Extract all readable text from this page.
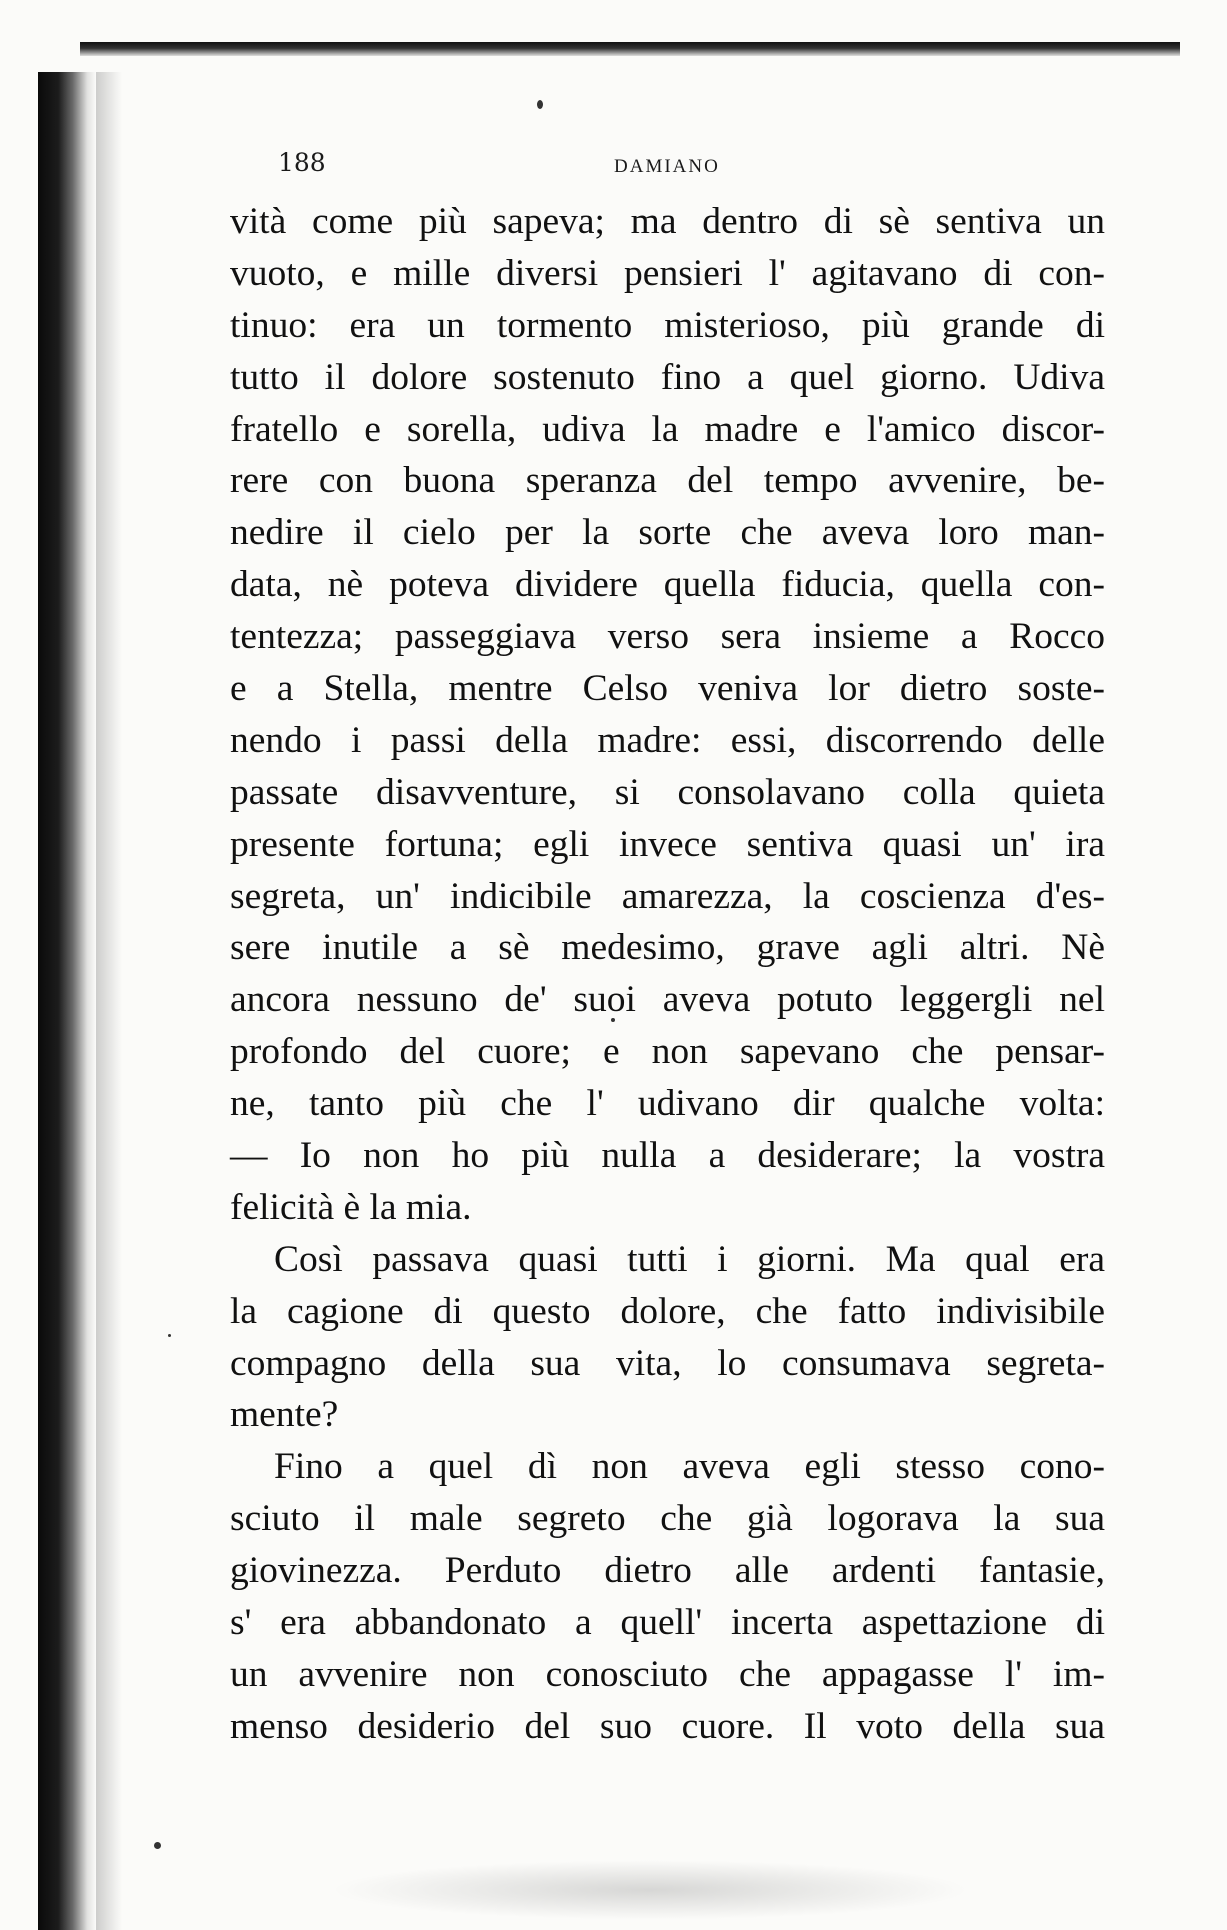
188	DAMIANO
vità come più sapeva; ma dentro di sè sentiva un
vuoto, e mille diversi pensieri l' agitavano di con-
tinuo: era un tormento misterioso, più grande di
tutto il dolore sostenuto fino a quel giorno. Udiva
fratello e sorella, udiva la madre e l'amico discor-
rere con buona speranza del tempo avvenire, be-
nedire il cielo per la sorte che aveva loro man-
data, nè poteva dividere quella fiducia, quella con-
tentezza; passeggiava verso sera insieme a Rocco
e a Stella, mentre Celso veniva lor dietro soste-
nendo i passi della madre: essi, discorrendo delle
passate disavventure, si consolavano colla quieta
presente fortuna; egli invece sentiva quasi un' ira
segreta, un' indicibile amarezza, la coscienza d'es-
sere inutile a sè medesimo, grave agli altri. Nè
ancora nessuno de' suoi aveva potuto leggergli nel
profondo del cuore; e non sapevano che pensar-
ne, tanto più che l' udivano dir qualche volta:
— Io non ho più nulla a desiderare; la vostra
felicità è la mia.
Così passava quasi tutti i giorni. Ma qual era
la cagione di questo dolore, che fatto indivisibile
compagno della sua vita, lo consumava segreta-
mente?
Fino a quel dì non aveva egli stesso cono-
sciuto il male segreto che già logorava la sua
giovinezza. Perduto dietro alle ardenti fantasie,
s' era abbandonato a quell' incerta aspettazione di
un avvenire non conosciuto che appagasse l' im-
menso desiderio del suo cuore. Il voto della sua
